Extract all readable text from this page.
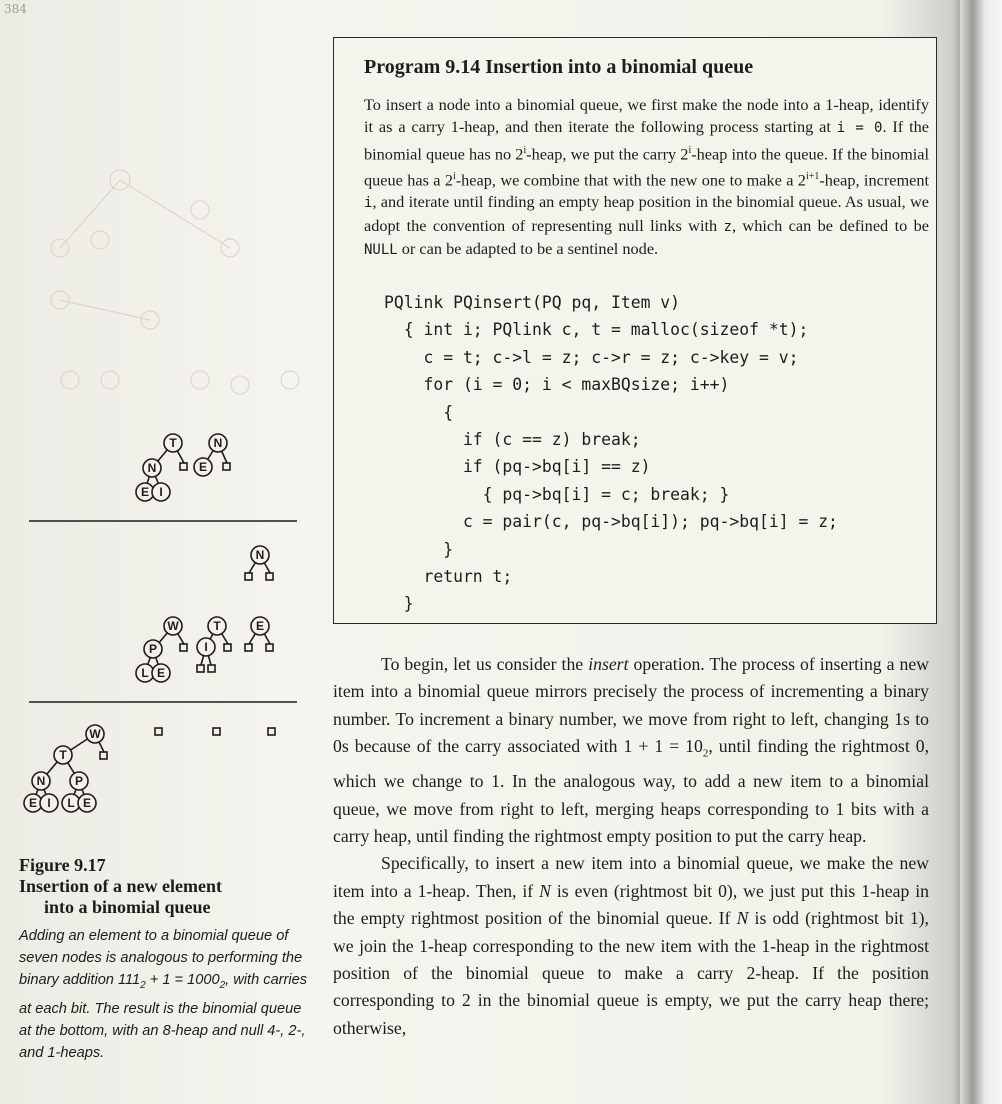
384
T
N
N
E
I
E
N
W
P
L E
T
I
E
W
T
N P
E I L E
Figure 9.17
Insertion of a new element
into a binomial queue
Adding an element to a binomial queue of seven nodes is analogous to performing the binary addition $111_2 + 1 = 1000_2$, with carries at each bit. The result is the binomial queue at the bottom, with an 8-heap and null 4-, 2-, and 1-heaps.
Program 9.14 Insertion into a binomial queue

To insert a node into a binomial queue, we first make the node into a 1-heap, identify it as a carry 1-heap, and then iterate the following process starting at i = 0. If the binomial queue has no 2$^i$-heap, we put the carry 2$^i$-heap into the queue. If the binomial queue has a 2$^i$-heap, we combine that with the new one to make a $2^{i+1}$-heap, increment i, and iterate until finding an empty heap position in the binomial queue. As usual, we adopt the convention of representing null links with z, which can be defined to be NULL or can be adapted to be a sentinel node.

PQlink PQinsert(PQ pq, Item v)
{ int i; PQlink c, t = malloc(sizeof *t);
c = t; c->l = z; c->r = z; c->key = v;
for (i = 0; i < maxBQsize; i++)
{
if (c == z) break;
if (pq->bq[i] == z)
{ pq->bq[i] = c; break; }
c = pair(c, pq->bq[i]); pq->bq[i] = z;
}
return t;
}

To begin, let us consider the insert operation. The process of inserting a new item into a binomial queue mirrors precisely the process of incrementing a binary number. To increment a binary number, we move from right to left, changing 1s to 0s because of the carry associated with $1 + 1 = 10_2$, until finding the rightmost 0, which we change to 1. In the analogous way, to add a new item to a binomial queue, we move from right to left, merging heaps corresponding to 1 bits with a carry heap, until finding the rightmost empty position to put the carry heap.

Specifically, to insert a new item into a binomial queue, we make the new item into a 1-heap. Then, if N is even (rightmost bit 0), we just put this 1-heap in the empty rightmost position of the binomial queue. If N is odd (rightmost bit 1), we join the 1-heap corresponding to the new item with the 1-heap in the rightmost position of the binomial queue to make a carry 2-heap. If the position corresponding to 2 in the binomial queue is empty, we put the carry heap there; otherwise,
